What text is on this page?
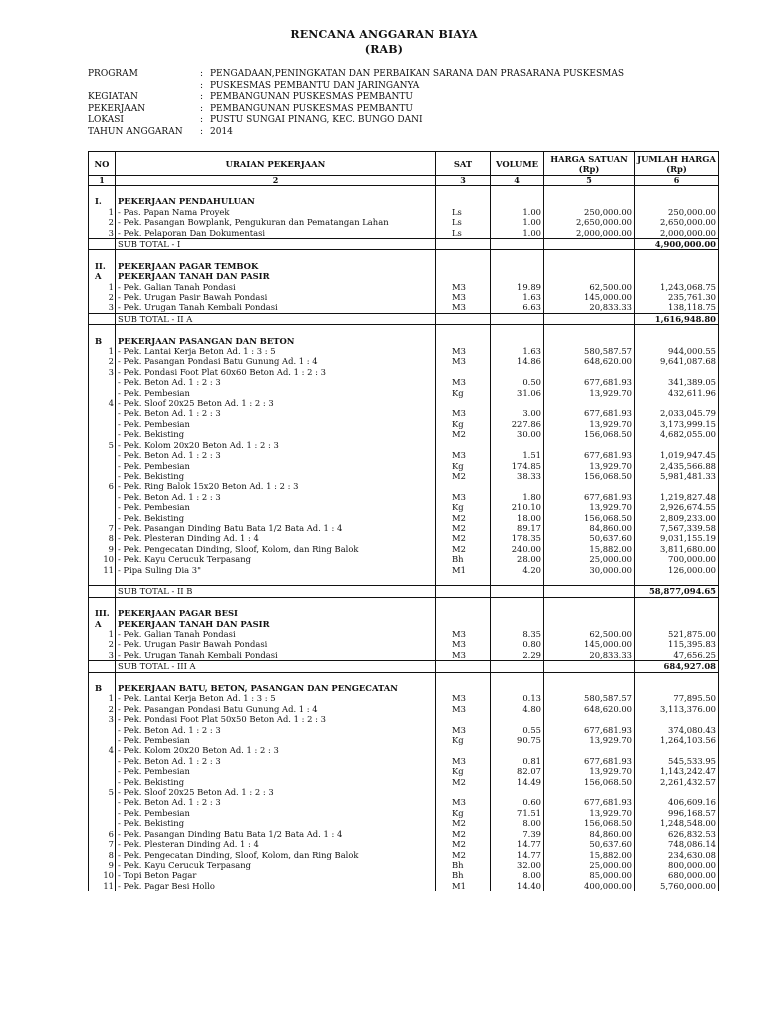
RENCANA ANGGARAN BIAYA
(RAB)
PROGRAM	: PENGADAAN,PENINGKATAN DAN PERBAIKAN SARANA DAN PRASARANA PUSKESMAS
: PUSKESMAS PEMBANTU DAN JARINGANYA
KEGIATAN	: PEMBANGUNAN PUSKESMAS PEMBANTU
PEKERJAAN	: PEMBANGUNAN PUSKESMAS PEMBANTU
LOKASI	: PUSTU SUNGAI PINANG, KEC. BUNGO DANI
TAHUN ANGGARAN	: 2014
NO	URAIAN PEKERJAAN	SAT	VOLUME	HARGA SATUAN (Rp)	JUMLAH HARGA (Rp)
1	2	3	4	5	6

I.	PEKERJAAN PENDAHULUAN				
1	- Pas. Papan Nama Proyek	Ls	1.00	250,000.00	250,000.00
2	- Pek. Pasangan Bowplank, Pengukuran dan Pematangan Lahan	Ls	1.00	2,650,000.00	2,650,000.00
3	- Pek. Pelaporan Dan Dokumentasi	Ls	1.00	2,000,000.00	2,000,000.00
	SUB TOTAL - I				4,900,000.00

II.	PEKERJAAN PAGAR TEMBOK				
A	PEKERJAAN TANAH DAN PASIR				
1	- Pek. Galian Tanah Pondasi	M3	19.89	62,500.00	1,243,068.75
2	- Pek. Urugan Pasir Bawah Pondasi	M3	1.63	145,000.00	235,761.30
3	- Pek. Urugan Tanah Kembali Pondasi	M3	6.63	20,833.33	138,118.75
	SUB TOTAL - II A				1,616,948.80

B	PEKERJAAN PASANGAN DAN BETON				
1	- Pek. Lantai Kerja Beton Ad. 1 : 3 : 5	M3	1.63	580,587.57	944,000.55
2	- Pek. Pasangan Pondasi Batu Gunung Ad. 1 : 4	M3	14.86	648,620.00	9,641,087.68
3	- Pek. Pondasi Foot Plat 60x60 Beton Ad. 1 : 2 : 3				
	- Pek. Beton Ad. 1 : 2 : 3	M3	0.50	677,681.93	341,389.05
	- Pek. Pembesian	Kg	31.06	13,929.70	432,611.96
4	- Pek. Sloof 20x25 Beton Ad. 1 : 2 : 3				
	- Pek. Beton Ad. 1 : 2 : 3	M3	3.00	677,681.93	2,033,045.79
	- Pek. Pembesian	Kg	227.86	13,929.70	3,173,999.15
	- Pek. Bekisting	M2	30.00	156,068.50	4,682,055.00
5	- Pek. Kolom 20x20 Beton Ad. 1 : 2 : 3				
	- Pek. Beton Ad. 1 : 2 : 3	M3	1.51	677,681.93	1,019,947.45
	- Pek. Pembesian	Kg	174.85	13,929.70	2,435,566.88
	- Pek. Bekisting	M2	38.33	156,068.50	5,981,481.33
6	- Pek. Ring Balok 15x20 Beton Ad. 1 : 2 : 3				
	- Pek. Beton Ad. 1 : 2 : 3	M3	1.80	677,681.93	1,219,827.48
	- Pek. Pembesian	Kg	210.10	13,929.70	2,926,674.55
	- Pek. Bekisting	M2	18.00	156,068.50	2,809,233.00
7	- Pek. Pasangan Dinding Batu Bata 1/2 Bata Ad. 1 : 4	M2	89.17	84,860.00	7,567,339.58
8	- Pek. Plesteran Dinding Ad. 1 : 4	M2	178.35	50,637.60	9,031,155.19
9	- Pek. Pengecatan Dinding, Sloof, Kolom, dan Ring Balok	M2	240.00	15,882.00	3,811,680.00
10	- Pek. Kayu Cerucuk Terpasang	Bh	28.00	25,000.00	700,000.00
11	- Pipa Suling Dia 3"	M1	4.20	30,000.00	126,000.00

	SUB TOTAL - II B				58,877,094.65

III.	PEKERJAAN PAGAR BESI				
A	PEKERJAAN TANAH DAN PASIR				
1	- Pek. Galian Tanah Pondasi	M3	8.35	62,500.00	521,875.00
2	- Pek. Urugan Pasir Bawah Pondasi	M3	0.80	145,000.00	115,395.83
3	- Pek. Urugan Tanah Kembali Pondasi	M3	2.29	20,833.33	47,656.25
	SUB TOTAL - III A				684,927.08

B	PEKERJAAN BATU, BETON, PASANGAN DAN PENGECATAN				
1	- Pek. Lantai Kerja Beton Ad. 1 : 3 : 5	M3	0.13	580,587.57	77,895.50
2	- Pek. Pasangan Pondasi Batu Gunung Ad. 1 : 4	M3	4.80	648,620.00	3,113,376.00
3	- Pek. Pondasi Foot Plat 50x50 Beton Ad. 1 : 2 : 3				
	- Pek. Beton Ad. 1 : 2 : 3	M3	0.55	677,681.93	374,080.43
	- Pek. Pembesian	Kg	90.75	13,929.70	1,264,103.56
4	- Pek. Kolom 20x20 Beton Ad. 1 : 2 : 3				
	- Pek. Beton Ad. 1 : 2 : 3	M3	0.81	677,681.93	545,533.95
	- Pek. Pembesian	Kg	82.07	13,929.70	1,143,242.47
	- Pek. Bekisting	M2	14.49	156,068.50	2,261,432.57
5	- Pek. Sloof 20x25 Beton Ad. 1 : 2 : 3				
	- Pek. Beton Ad. 1 : 2 : 3	M3	0.60	677,681.93	406,609.16
	- Pek. Pembesian	Kg	71.51	13,929.70	996,168.57
	- Pek. Bekisting	M2	8.00	156,068.50	1,248,548.00
6	- Pek. Pasangan Dinding Batu Bata 1/2 Bata Ad. 1 : 4	M2	7.39	84,860.00	626,832.53
7	- Pek. Plesteran Dinding Ad. 1 : 4	M2	14.77	50,637.60	748,086.14
8	- Pek. Pengecatan Dinding, Sloof, Kolom, dan Ring Balok	M2	14.77	15,882.00	234,630.08
9	- Pek. Kayu Cerucuk Terpasang	Bh	32.00	25,000.00	800,000.00
10	- Topi Beton Pagar	Bh	8.00	85,000.00	680,000.00
11	- Pek. Pagar Besi Hollo	M1	14.40	400,000.00	5,760,000.00
